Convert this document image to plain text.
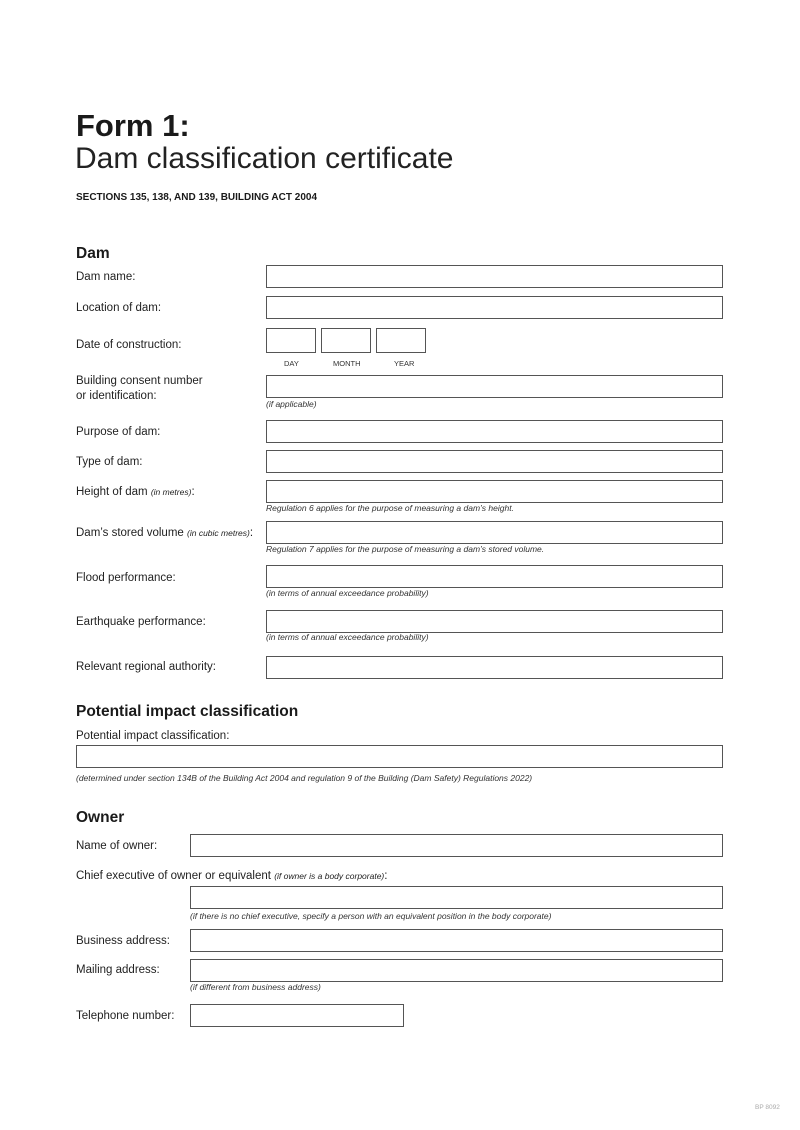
Form 1:
Dam classification certificate
SECTIONS 135, 138, AND 139, BUILDING ACT 2004
Dam
Dam name:
Location of dam:
Date of construction:
DAY	MONTH	YEAR
Building consent number
or identification:
(if applicable)
Purpose of dam:
Type of dam:
Height of dam (in metres):
Regulation 6 applies for the purpose of measuring a dam’s height.
Dam’s stored volume (in cubic metres):
Regulation 7 applies for the purpose of measuring a dam’s stored volume.
Flood performance:
(in terms of annual exceedance probability)
Earthquake performance:
(in terms of annual exceedance probability)
Relevant regional authority:
Potential impact classification
Potential impact classification:
(determined under section 134B of the Building Act 2004 and regulation 9 of the Building (Dam Safety) Regulations 2022)
Owner
Name of owner:
Chief executive of owner or equivalent (if owner is a body corporate):
(if there is no chief executive, specify a person with an equivalent position in the body corporate)
Business address:
Mailing address:
(if different from business address)
Telephone number:
BP 8092
